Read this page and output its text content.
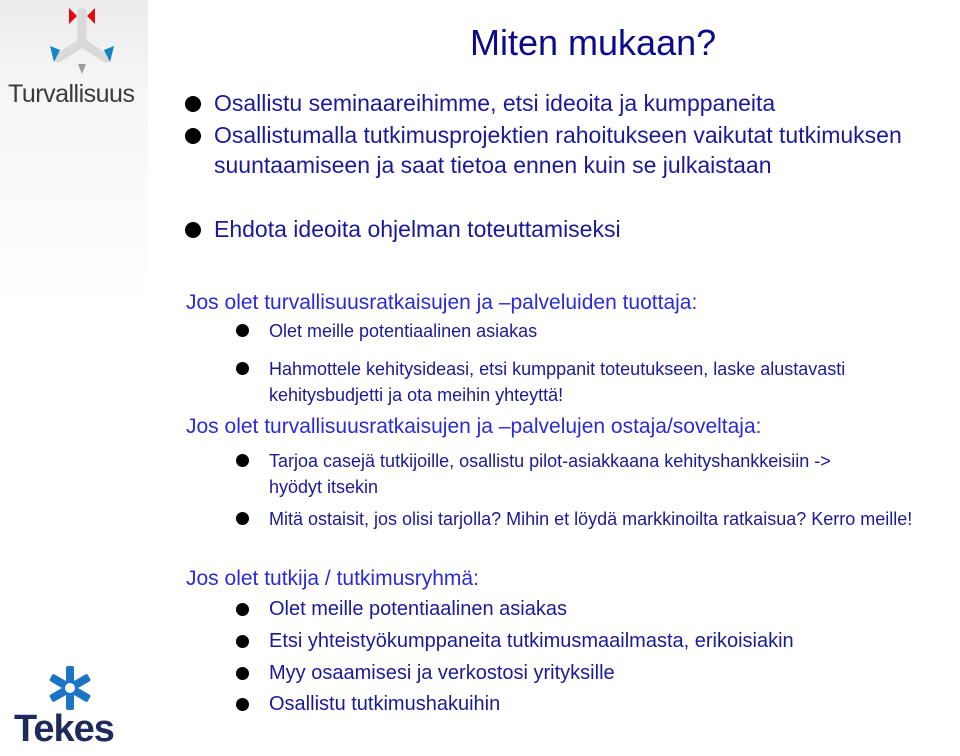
Turvallisuus
Tekes
Miten mukaan?
Osallistu seminaareihimme, etsi ideoita ja kumppaneita
Osallistumalla tutkimusprojektien rahoitukseen vaikutat tutkimuksen suuntaamiseen ja saat tietoa ennen kuin se julkaistaan
Ehdota ideoita ohjelman toteuttamiseksi
Jos olet turvallisuusratkaisujen ja –palveluiden tuottaja:
Olet meille potentiaalinen asiakas
Hahmottele kehitysideasi, etsi kumppanit toteutukseen, laske alustavasti kehitysbudjetti ja ota meihin yhteyttä!
Jos olet turvallisuusratkaisujen ja –palvelujen ostaja/soveltaja:
Tarjoa casejä tutkijoille, osallistu pilot-asiakkaana kehityshankkeisiin -> hyödyt itsekin
Mitä ostaisit, jos olisi tarjolla? Mihin et löydä markkinoilta ratkaisua? Kerro meille!
Jos olet tutkija / tutkimusryhmä:
Olet meille potentiaalinen asiakas
Etsi yhteistyökumppaneita tutkimusmaailmasta, erikoisiakin
Myy osaamisesi ja verkostosi yrityksille
Osallistu tutkimushakuihin
